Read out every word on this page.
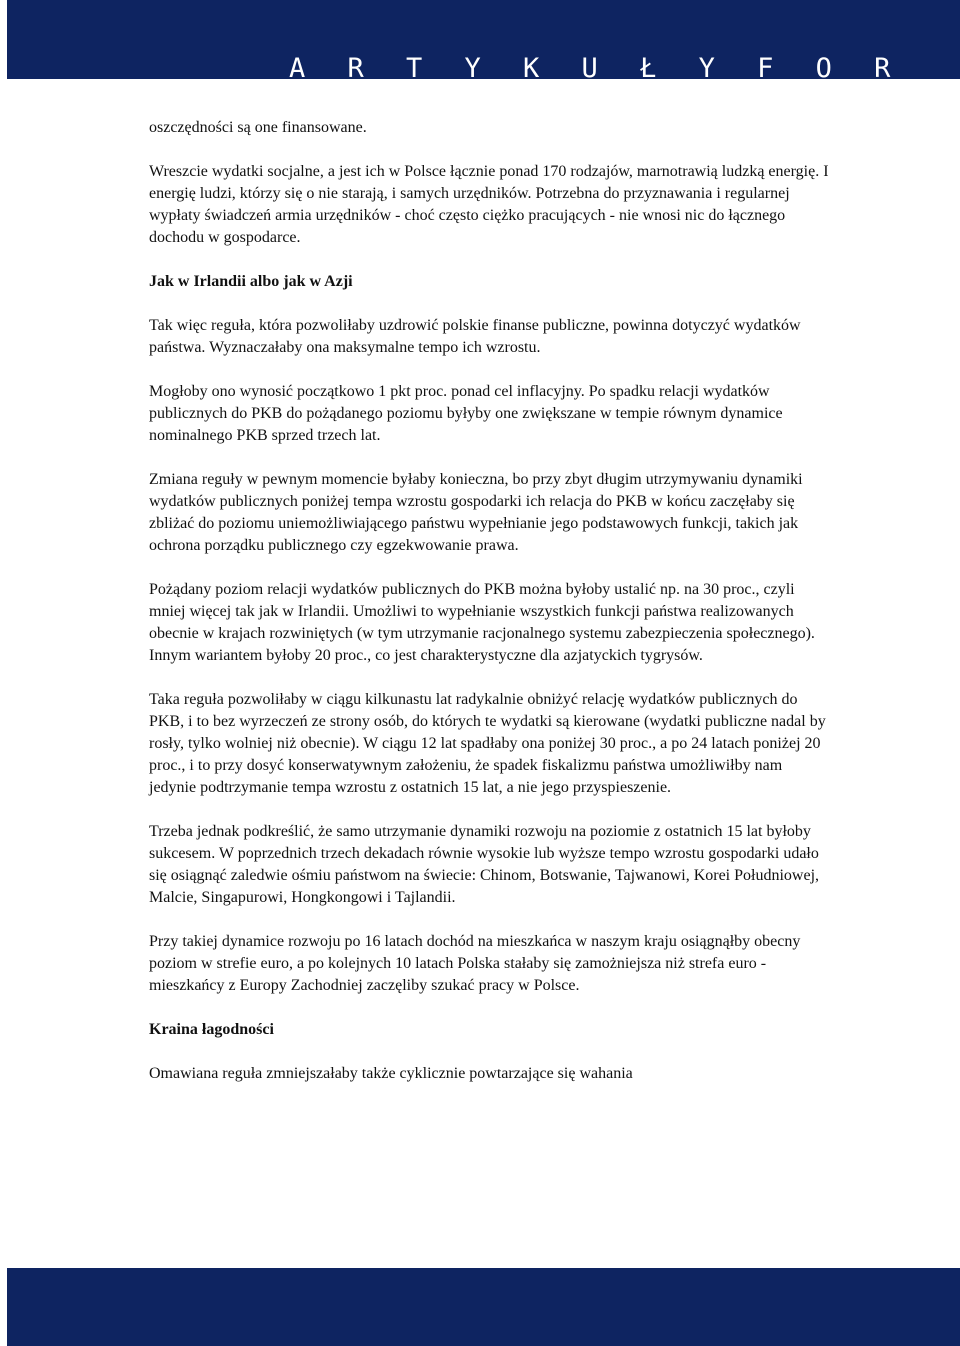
A R T Y K U Ł Y F O R

oszczędności są one finansowane.

Wreszcie wydatki socjalne, a jest ich w Polsce łącznie ponad 170 rodzajów, marnotrawią ludzką energię. I energię ludzi, którzy się o nie starają, i samych urzędników. Potrzebna do przyznawania i regularnej wypłaty świadczeń armia urzędników - choć często ciężko pracujących - nie wnosi nic do łącznego dochodu w gospodarce.

Jak w Irlandii albo jak w Azji

Tak więc reguła, która pozwoliłaby uzdrowić polskie finanse publiczne, powinna dotyczyć wydatków państwa. Wyznaczałaby ona maksymalne tempo ich wzrostu.

Mogłoby ono wynosić początkowo 1 pkt proc. ponad cel inflacyjny. Po spadku relacji wydatków publicznych do PKB do pożądanego poziomu byłyby one zwiększane w tempie równym dynamice nominalnego PKB sprzed trzech lat.

Zmiana reguły w pewnym momencie byłaby konieczna, bo przy zbyt długim utrzymywaniu dynamiki wydatków publicznych poniżej tempa wzrostu gospodarki ich relacja do PKB w końcu zaczęłaby się zbliżać do poziomu uniemożliwiającego państwu wypełnianie jego podstawowych funkcji, takich jak ochrona porządku publicznego czy egzekwowanie prawa.

Pożądany poziom relacji wydatków publicznych do PKB można byłoby ustalić np. na 30 proc., czyli mniej więcej tak jak w Irlandii. Umożliwi to wypełnianie wszystkich funkcji państwa realizowanych obecnie w krajach rozwiniętych (w tym utrzymanie racjonalnego systemu zabezpieczenia społecznego). Innym wariantem byłoby 20 proc., co jest charakterystyczne dla azjatyckich tygrysów.

Taka reguła pozwoliłaby w ciągu kilkunastu lat radykalnie obniżyć relację wydatków publicznych do PKB, i to bez wyrzeczeń ze strony osób, do których te wydatki są kierowane (wydatki publiczne nadal by rosły, tylko wolniej niż obecnie). W ciągu 12 lat spadłaby ona poniżej 30 proc., a po 24 latach poniżej 20 proc., i to przy dosyć konserwatywnym założeniu, że spadek fiskalizmu państwa umożliwiłby nam jedynie podtrzymanie tempa wzrostu z ostatnich 15 lat, a nie jego przyspieszenie.

Trzeba jednak podkreślić, że samo utrzymanie dynamiki rozwoju na poziomie z ostatnich 15 lat byłoby sukcesem. W poprzednich trzech dekadach równie wysokie lub wyższe tempo wzrostu gospodarki udało się osiągnąć zaledwie ośmiu państwom na świecie: Chinom, Botswanie, Tajwanowi, Korei Południowej, Malcie, Singapurowi, Hongkongowi i Tajlandii.

Przy takiej dynamice rozwoju po 16 latach dochód na mieszkańca w naszym kraju osiągnąłby obecny poziom w strefie euro, a po kolejnych 10 latach Polska stałaby się zamożniejsza niż strefa euro - mieszkańcy z Europy Zachodniej zaczęliby szukać pracy w Polsce.

Kraina łagodności

Omawiana reguła zmniejszałaby także cyklicznie powtarzające się wahania
